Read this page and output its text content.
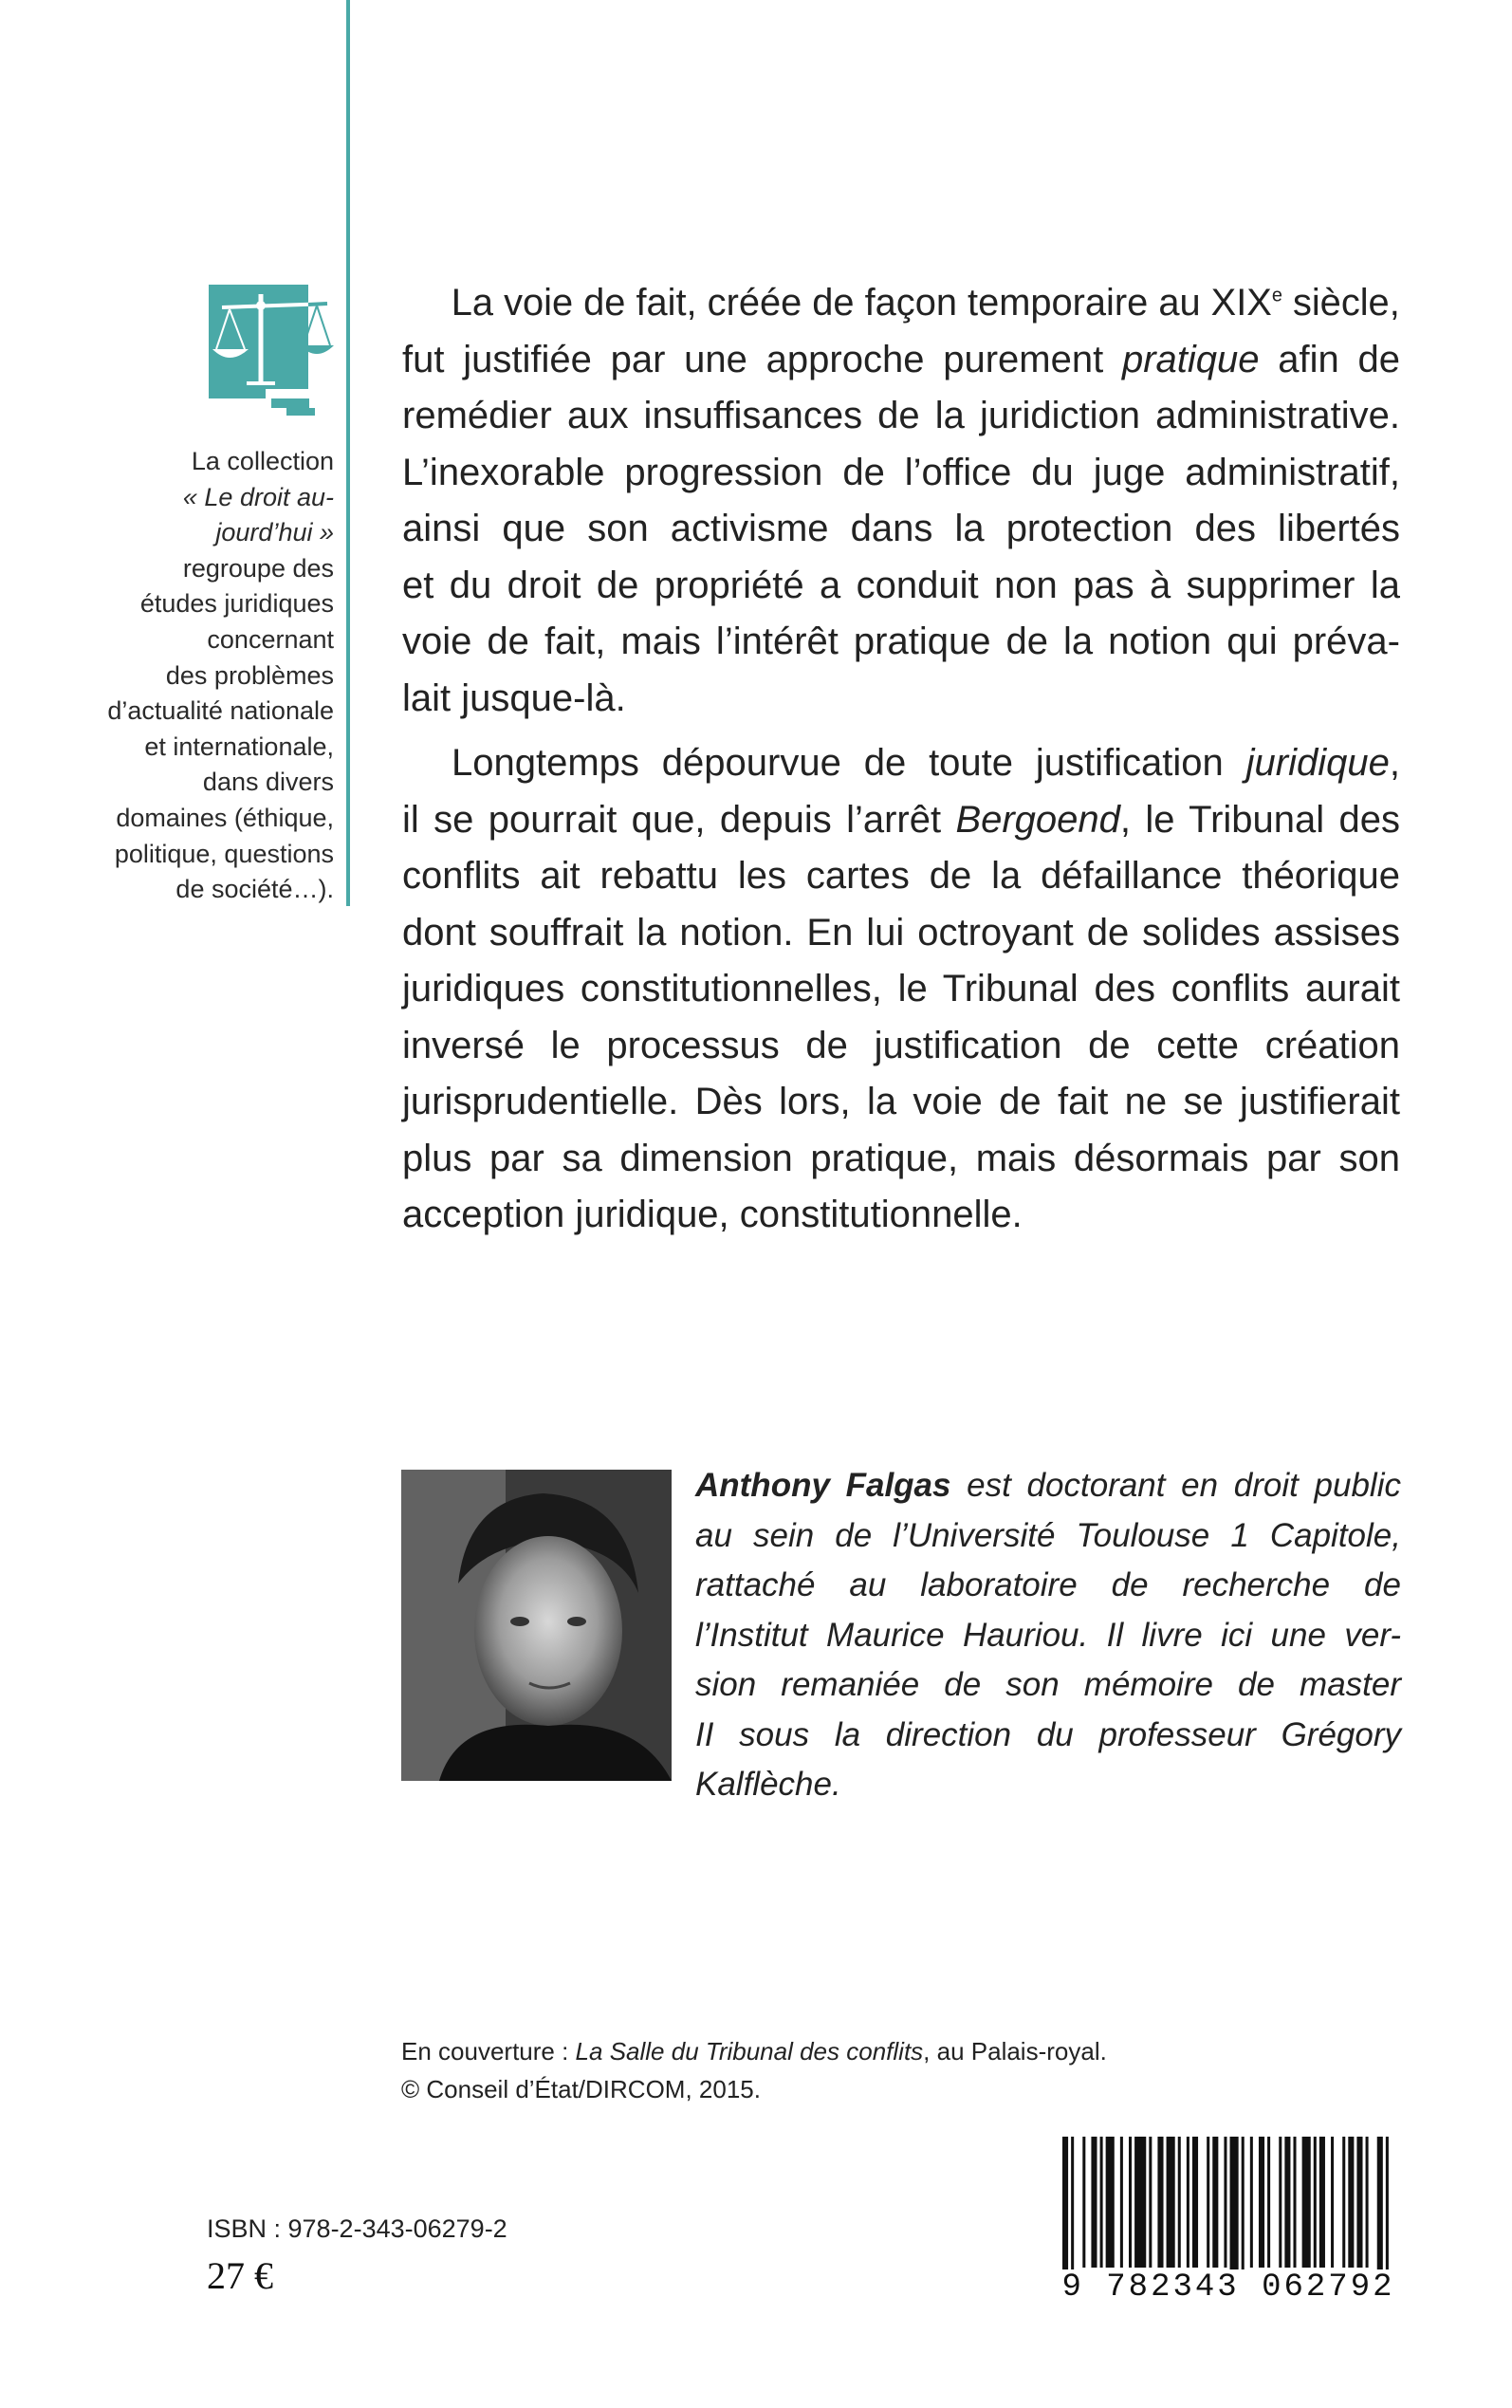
La collection
« Le droit au-
jourd’hui »
regroupe des
études juridiques
concernant
des problèmes
d’actualité nationale
et internationale,
dans divers
domaines (éthique,
politique, questions
de société…).
La voie de fait, créée de façon temporaire au XIXe siècle,
fut justifiée par une approche purement pratique afin de
remédier aux insuffisances de la juridiction administrative.
L’inexorable progression de l’office du juge administratif,
ainsi que son activisme dans la protection des libertés
et du droit de propriété a conduit non pas à supprimer la
voie de fait, mais l’intérêt pratique de la notion qui préva-
lait jusque-là.
Longtemps dépourvue de toute justification juridique,
il se pourrait que, depuis l’arrêt Bergoend, le Tribunal des
conflits ait rebattu les cartes de la défaillance théorique
dont souffrait la notion. En lui octroyant de solides assises
juridiques constitutionnelles, le Tribunal des conflits aurait
inversé le processus de justification de cette création
jurisprudentielle. Dès lors, la voie de fait ne se justifierait
plus par sa dimension pratique, mais désormais par son
acception juridique, constitutionnelle.
Anthony Falgas est doctorant en droit public
au sein de l’Université Toulouse 1 Capitole,
rattaché au laboratoire de recherche de
l’Institut Maurice Hauriou. Il livre ici une ver-
sion remaniée de son mémoire de master
II sous la direction du professeur Grégory
Kalflèche.
En couverture : La Salle du Tribunal des conflits, au Palais-royal.
© Conseil d’État/DIRCOM, 2015.
ISBN : 978-2-343-06279-2
27 €	9 782343 062792
